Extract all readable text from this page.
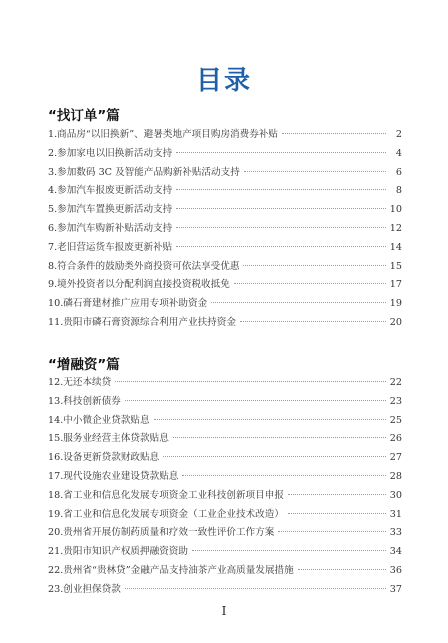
目录
“找订单”篇
1.商品房“以旧换新”、避暑类地产项目购房消费券补贴	2
2.参加家电以旧换新活动支持	4
3.参加数码 3C 及智能产品购新补贴活动支持	6
4.参加汽车报废更新活动支持	8
5.参加汽车置换更新活动支持	10
6.参加汽车购新补贴活动支持	12
7.老旧营运货车报废更新补贴	14
8.符合条件的鼓励类外商投资可依法享受优惠	15
9.境外投资者以分配利润直接投资税收抵免	17
10.磷石膏建材推广应用专项补助资金	19
11.贵阳市磷石膏资源综合利用产业扶持资金	20
“增融资”篇
12.无还本续贷	22
13.科技创新债券	23
14.中小微企业贷款贴息	25
15.服务业经营主体贷款贴息	26
16.设备更新贷款财政贴息	27
17.现代设施农业建设贷款贴息	28
18.省工业和信息化发展专项资金工业科技创新项目申报	30
19.省工业和信息化发展专项资金（工业企业技术改造）	31
20.贵州省开展仿制药质量和疗效一致性评价工作方案	33
21.贵阳市知识产权质押融资资助	34
22.贵州省“贵林贷”金融产品支持油茶产业高质量发展措施	36
23.创业担保贷款	37
I
